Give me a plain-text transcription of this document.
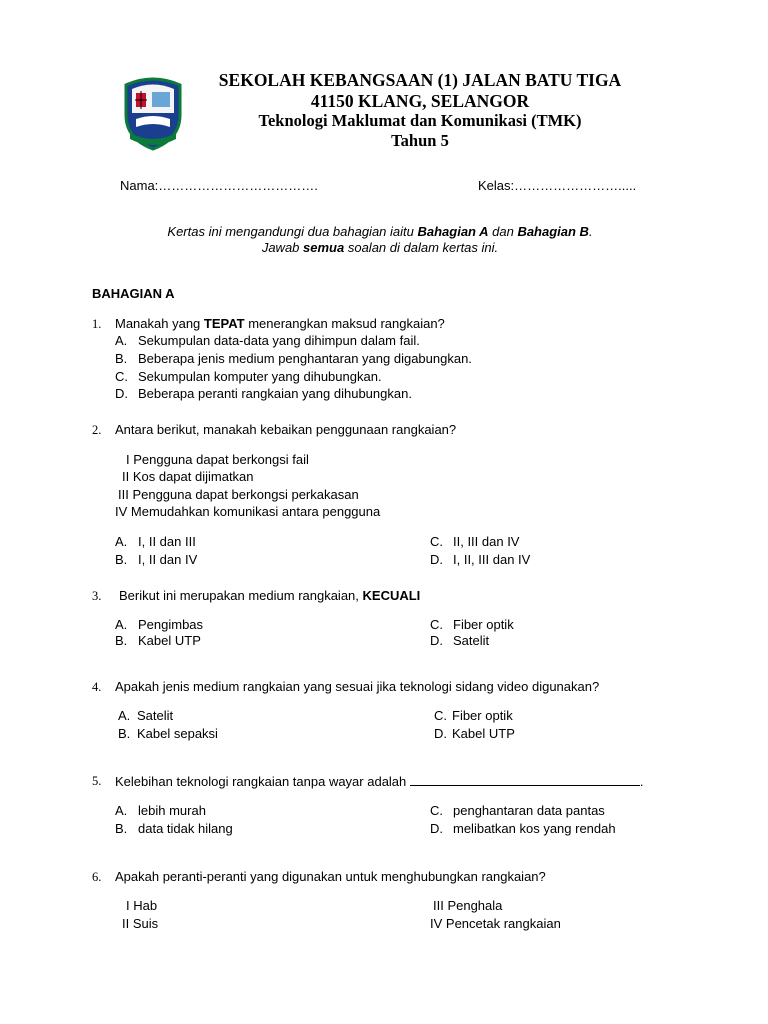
SEKOLAH KEBANGSAAN (1) JALAN BATU TIGA
41150 KLANG, SELANGOR
Teknologi Maklumat dan Komunikasi (TMK)
Tahun 5
Nama:……………………………….	Kelas:…………………….....
Kertas ini mengandungi dua bahagian iaitu Bahagian A dan Bahagian B.
Jawab semua soalan di dalam kertas ini.
BAHAGIAN A
1. Manakah yang TEPAT menerangkan maksud rangkaian?
A. Sekumpulan data-data yang dihimpun dalam fail.
B. Beberapa jenis medium penghantaran yang digabungkan.
C. Sekumpulan komputer yang dihubungkan.
D. Beberapa peranti rangkaian yang dihubungkan.
2. Antara berikut, manakah kebaikan penggunaan rangkaian?
I Pengguna dapat berkongsi fail
II Kos dapat dijimatkan
III Pengguna dapat berkongsi perkakasan
IV Memudahkan komunikasi antara pengguna
A. I, II dan III	C. II, III dan IV
B. I, II dan IV	D. I, II, III dan IV
3. Berikut ini merupakan medium rangkaian, KECUALI
A. Pengimbas	C. Fiber optik
B. Kabel UTP	D. Satelit
4. Apakah jenis medium rangkaian yang sesuai jika teknologi sidang video digunakan?
A. Satelit	C. Fiber optik
B. Kabel sepaksi	D. Kabel UTP
5. Kelebihan teknologi rangkaian tanpa wayar adalah	.
A. lebih murah	C. penghantaran data pantas
B. data tidak hilang	D. melibatkan kos yang rendah
6. Apakah peranti-peranti yang digunakan untuk menghubungkan rangkaian?
I Hab	III Penghala
II Suis	IV Pencetak rangkaian
